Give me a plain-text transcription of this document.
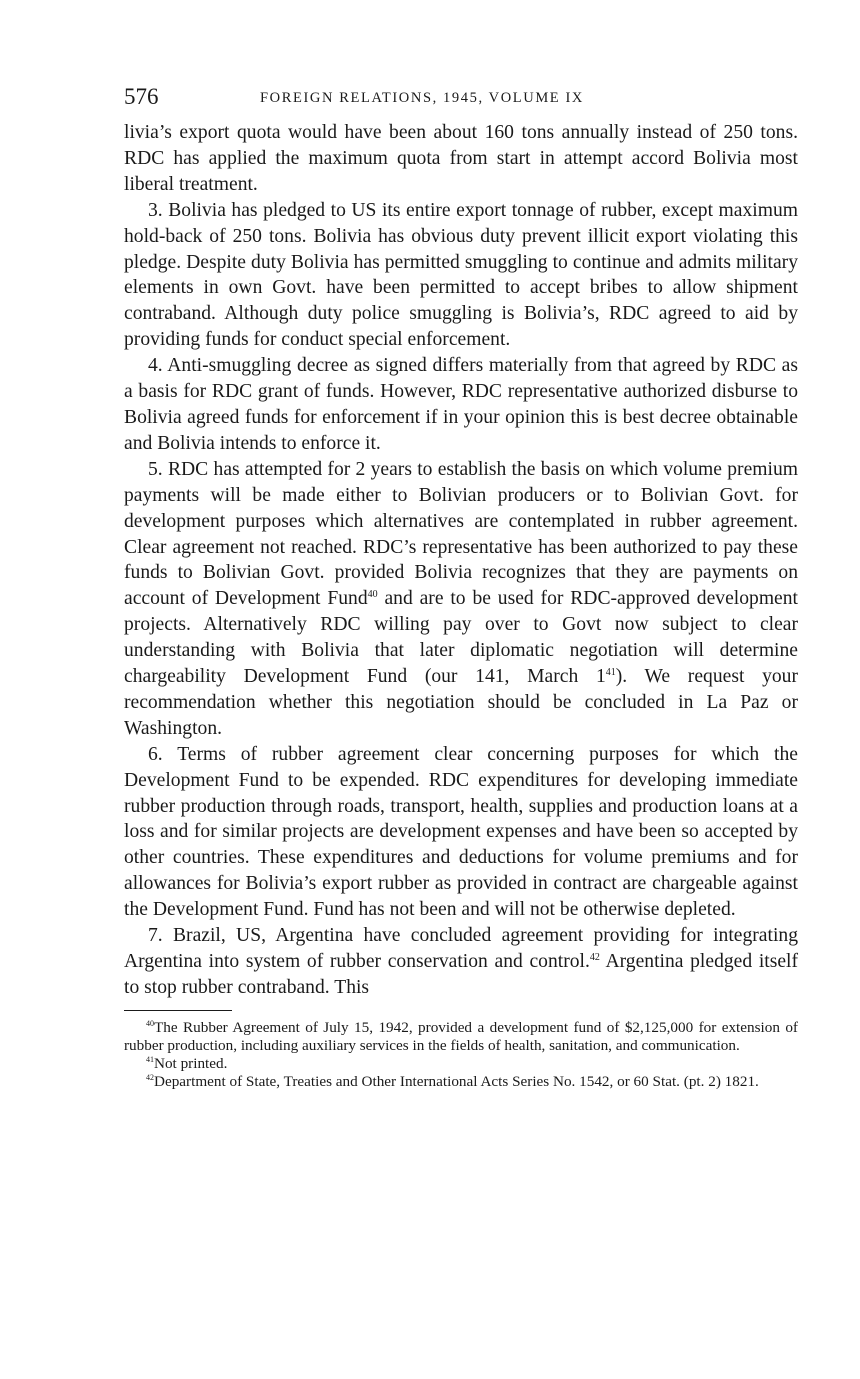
576	FOREIGN RELATIONS, 1945, VOLUME IX

livia’s export quota would have been about 160 tons annually instead of 250 tons. RDC has applied the maximum quota from start in attempt accord Bolivia most liberal treatment.

3. Bolivia has pledged to US its entire export tonnage of rubber, except maximum hold-back of 250 tons. Bolivia has obvious duty prevent illicit export violating this pledge. Despite duty Bolivia has permitted smuggling to continue and admits military elements in own Govt. have been permitted to accept bribes to allow shipment contraband. Although duty police smuggling is Bolivia’s, RDC agreed to aid by providing funds for conduct special enforcement.

4. Anti-smuggling decree as signed differs materially from that agreed by RDC as a basis for RDC grant of funds. However, RDC representative authorized disburse to Bolivia agreed funds for enforcement if in your opinion this is best decree obtainable and Bolivia intends to enforce it.

5. RDC has attempted for 2 years to establish the basis on which volume premium payments will be made either to Bolivian producers or to Bolivian Govt. for development purposes which alternatives are contemplated in rubber agreement. Clear agreement not reached. RDC’s representative has been authorized to pay these funds to Bolivian Govt. provided Bolivia recognizes that they are payments on account of Development Fund$^{40}$ and are to be used for RDC-approved development projects. Alternatively RDC willing pay over to Govt now subject to clear understanding with Bolivia that later diplomatic negotiation will determine chargeability Development Fund (our 141, March $1^{41}$). We request your recommendation whether this negotiation should be concluded in La Paz or Washington.

6. Terms of rubber agreement clear concerning purposes for which the Development Fund to be expended. RDC expenditures for developing immediate rubber production through roads, transport, health, supplies and production loans at a loss and for similar projects are development expenses and have been so accepted by other countries. These expenditures and deductions for volume premiums and for allowances for Bolivia’s export rubber as provided in contract are chargeable against the Development Fund. Fund has not been and will not be otherwise depleted.

7. Brazil, US, Argentina have concluded agreement providing for integrating Argentina into system of rubber conservation and control.$^{42}$ Argentina pledged itself to stop rubber contraband. This

$^{40}$The Rubber Agreement of July 15, 1942, provided a development fund of $2,125,000 for extension of rubber production, including auxiliary services in the fields of health, sanitation, and communication.

$^{41}$Not printed.

$^{42}$Department of State, Treaties and Other International Acts Series No. 1542, or 60 Stat. (pt. 2) 1821.
